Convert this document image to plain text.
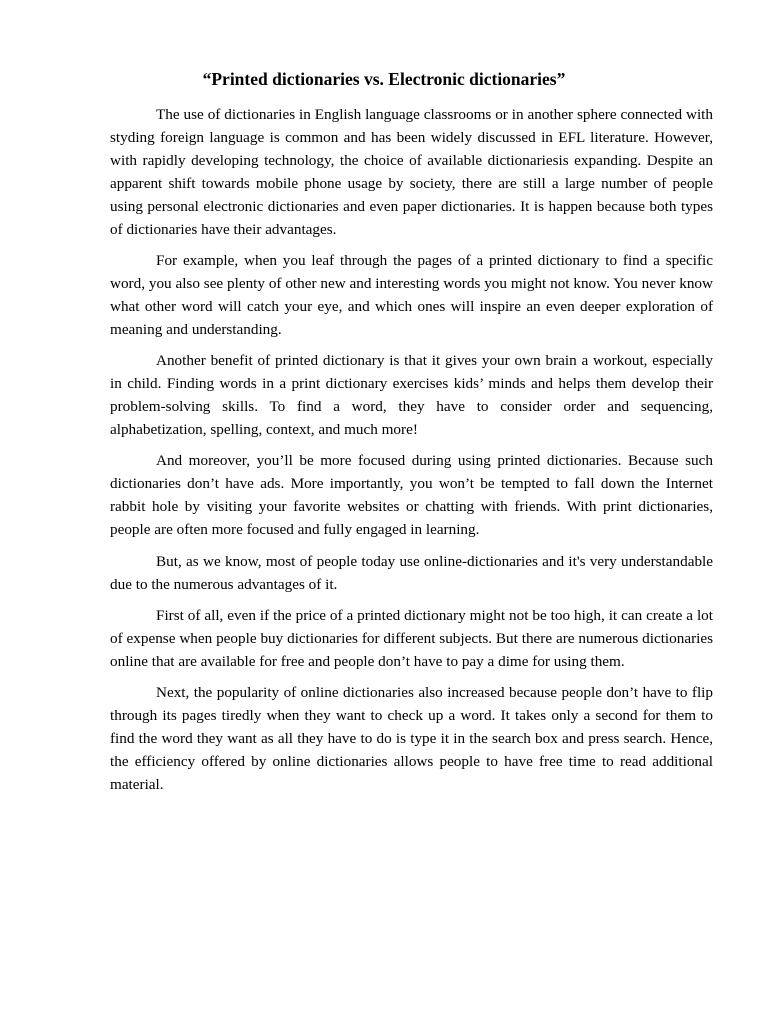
“Printed dictionaries vs. Electronic dictionaries”

The use of dictionaries in English language classrooms or in another sphere connected with styding foreign language is common and has been widely discussed in EFL literature. However, with rapidly developing technology, the choice of available dictionariesis expanding. Despite an apparent shift towards mobile phone usage by society, there are still a large number of people using personal electronic dictionaries and even paper dictionaries. It is happen because both types of dictionaries have their advantages.

For example, when you leaf through the pages of a printed dictionary to find a specific word, you also see plenty of other new and interesting words you might not know. You never know what other word will catch your eye, and which ones will inspire an even deeper exploration of meaning and understanding.

Another benefit of printed dictionary is that it gives your own brain a workout, especially in child. Finding words in a print dictionary exercises kids’ minds and helps them develop their problem-solving skills. To find a word, they have to consider order and sequencing, alphabetization, spelling, context, and much more!

And moreover, you’ll be more focused during using printed dictionaries. Because such dictionaries don’t have ads. More importantly, you won’t be tempted to fall down the Internet rabbit hole by visiting your favorite websites or chatting with friends. With print dictionaries, people are often more focused and fully engaged in learning.

But, as we know, most of people today use online-dictionaries and it's very understandable due to the numerous advantages of it.

First of all, even if the price of a printed dictionary might not be too high, it can create a lot of expense when people buy dictionaries for different subjects. But there are numerous dictionaries online that are available for free and people don’t have to pay a dime for using them.

Next, the popularity of online dictionaries also increased because people don’t have to flip through its pages tiredly when they want to check up a word. It takes only a second for them to find the word they want as all they have to do is type it in the search box and press search. Hence, the efficiency offered by online dictionaries allows people to have free time to read additional material.
